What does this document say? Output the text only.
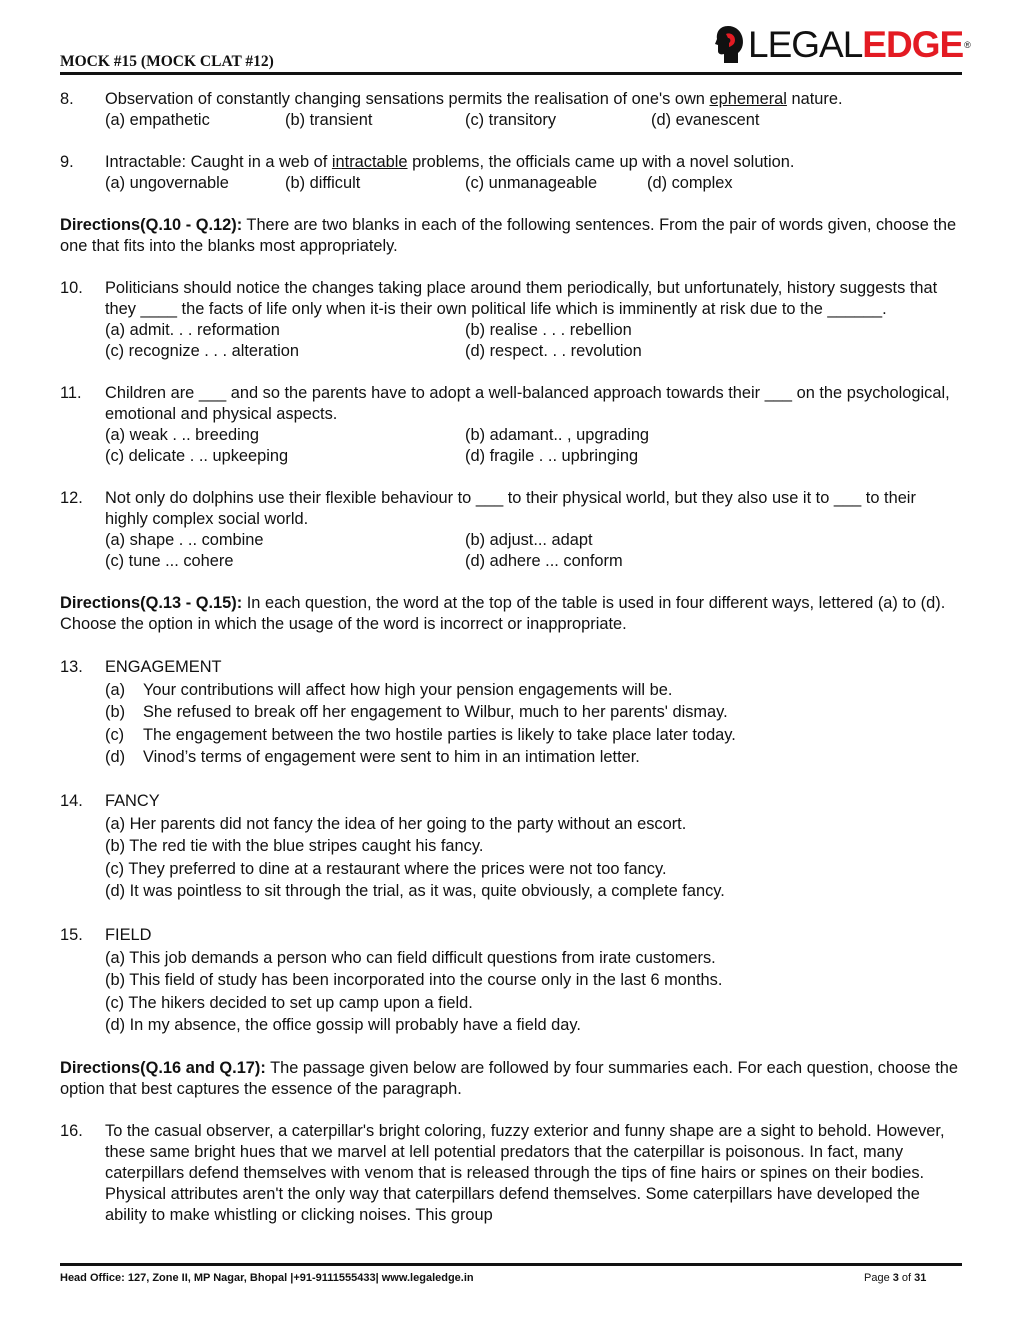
MOCK #15 (MOCK CLAT #12)	LEGALEDGE®
8. Observation of constantly changing sensations permits the realisation of one's own ephemeral nature.
(a) empathetic	(b) transient	(c) transitory	(d) evanescent
9. Intractable: Caught in a web of intractable problems, the officials came up with a novel solution.
(a) ungovernable	(b) difficult	(c) unmanageable	(d) complex
Directions(Q.10 - Q.12): There are two blanks in each of the following sentences. From the pair of words given, choose the one that fits into the blanks most appropriately.
10. Politicians should notice the changes taking place around them periodically, but unfortunately, history suggests that they ____ the facts of life only when it-is their own political life which is imminently at risk due to the ______.
(a) admit. . . reformation	(b) realise . . . rebellion
(c) recognize . . . alteration	(d) respect. . . revolution
11. Children are ___ and so the parents have to adopt a well-balanced approach towards their ___ on the psychological, emotional and physical aspects.
(a) weak . .. breeding	(b) adamant.. , upgrading
(c) delicate . .. upkeeping	(d) fragile . .. upbringing
12. Not only do dolphins use their flexible behaviour to ___ to their physical world, but they also use it to ___ to their highly complex social world.
(a) shape . .. combine	(b) adjust... adapt
(c) tune ... cohere	(d) adhere ... conform
Directions(Q.13 - Q.15): In each question, the word at the top of the table is used in four different ways, lettered (a) to (d). Choose the option in which the usage of the word is incorrect or inappropriate.
13. ENGAGEMENT
(a)	Your contributions will affect how high your pension engagements will be.
(b)	She refused to break off her engagement to Wilbur, much to her parents' dismay.
(c)	The engagement between the two hostile parties is likely to take place later today.
(d)	Vinod’s terms of engagement were sent to him in an intimation letter.
14. FANCY
(a) Her parents did not fancy the idea of her going to the party without an escort.
(b) The red tie with the blue stripes caught his fancy.
(c) They preferred to dine at a restaurant where the prices were not too fancy.
(d) It was pointless to sit through the trial, as it was, quite obviously, a complete fancy.
15. FIELD
(a) This job demands a person who can field difficult questions from irate customers.
(b) This field of study has been incorporated into the course only in the last 6 months.
(c) The hikers decided to set up camp upon a field.
(d) In my absence, the office gossip will probably have a field day.
Directions(Q.16 and Q.17): The passage given below are followed by four summaries each. For each question, choose the option that best captures the essence of the paragraph.
16. To the casual observer, a caterpillar's bright coloring, fuzzy exterior and funny shape are a sight to behold. However, these same bright hues that we marvel at lell potential predators that the caterpillar is poisonous. In fact, many caterpillars defend themselves with venom that is released through the tips of fine hairs or spines on their bodies. Physical attributes aren't the only way that caterpillars defend themselves. Some caterpillars have developed the ability to make whistling or clicking noises. This group
Head Office: 127, Zone II, MP Nagar, Bhopal |+91-9111555433| www.legaledge.in	Page 3 of 31
